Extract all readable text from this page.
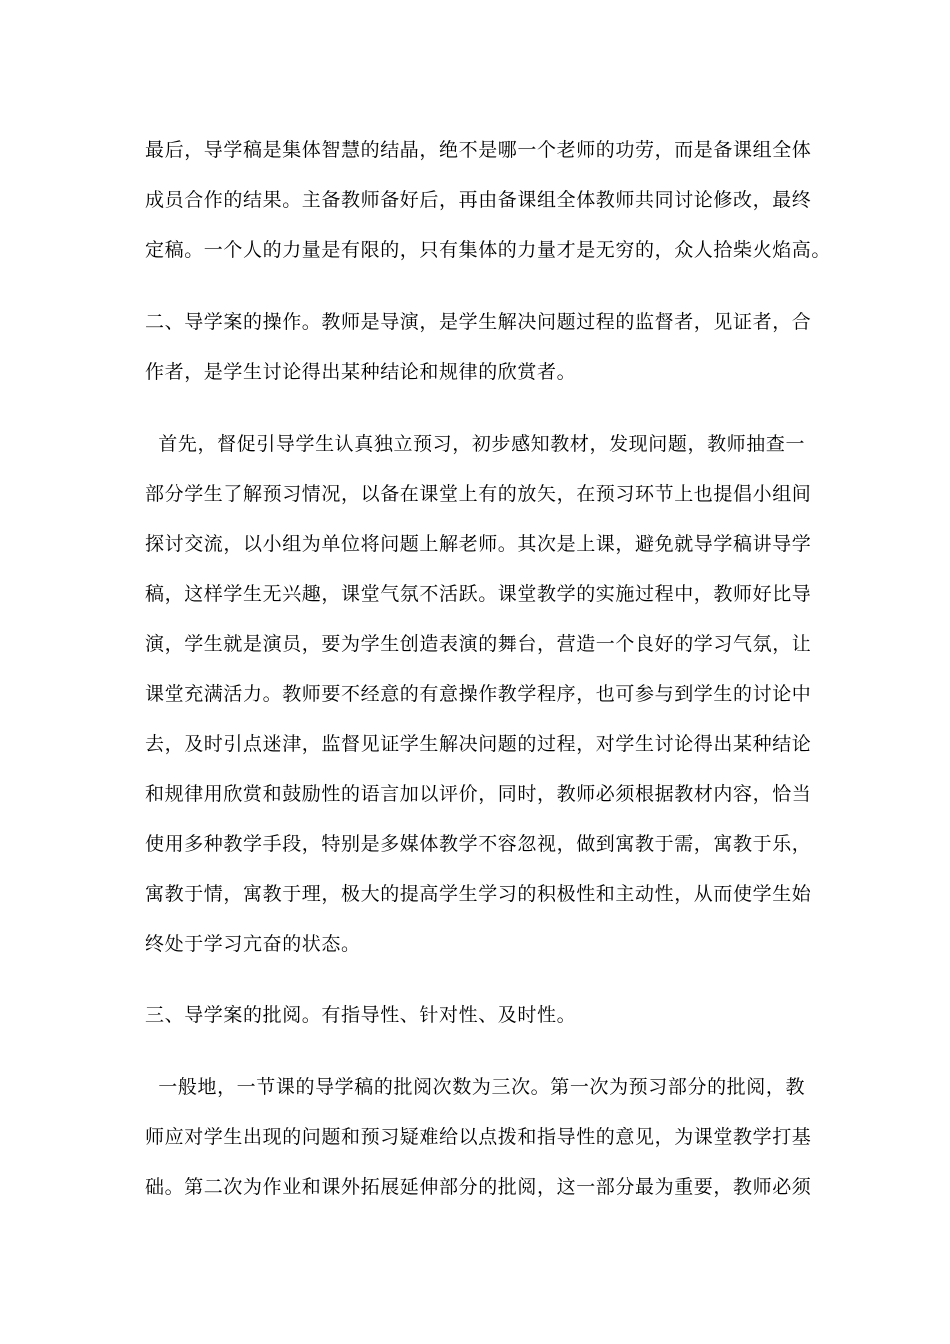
最后，导学稿是集体智慧的结晶，绝不是哪一个老师的功劳，而是备课组全体
成员合作的结果。主备教师备好后，再由备课组全体教师共同讨论修改，最终
定稿。一个人的力量是有限的，只有集体的力量才是无穷的，众人拾柴火焰高。
二、导学案的操作。教师是导演，是学生解决问题过程的监督者，见证者，合
作者，是学生讨论得出某种结论和规律的欣赏者。
首先，督促引导学生认真独立预习，初步感知教材，发现问题，教师抽查一
部分学生了解预习情况，以备在课堂上有的放矢，在预习环节上也提倡小组间
探讨交流，以小组为单位将问题上解老师。其次是上课，避免就导学稿讲导学
稿，这样学生无兴趣，课堂气氛不活跃。课堂教学的实施过程中，教师好比导
演，学生就是演员，要为学生创造表演的舞台，营造一个良好的学习气氛，让
课堂充满活力。教师要不经意的有意操作教学程序，也可参与到学生的讨论中
去，及时引点迷津，监督见证学生解决问题的过程，对学生讨论得出某种结论
和规律用欣赏和鼓励性的语言加以评价，同时，教师必须根据教材内容，恰当
使用多种教学手段，特别是多媒体教学不容忽视，做到寓教于需，寓教于乐，
寓教于情，寓教于理，极大的提高学生学习的积极性和主动性，从而使学生始
终处于学习亢奋的状态。
三、导学案的批阅。有指导性、针对性、及时性。
一般地，一节课的导学稿的批阅次数为三次。第一次为预习部分的批阅，教
师应对学生出现的问题和预习疑难给以点拨和指导性的意见，为课堂教学打基
础。第二次为作业和课外拓展延伸部分的批阅，这一部分最为重要，教师必须
